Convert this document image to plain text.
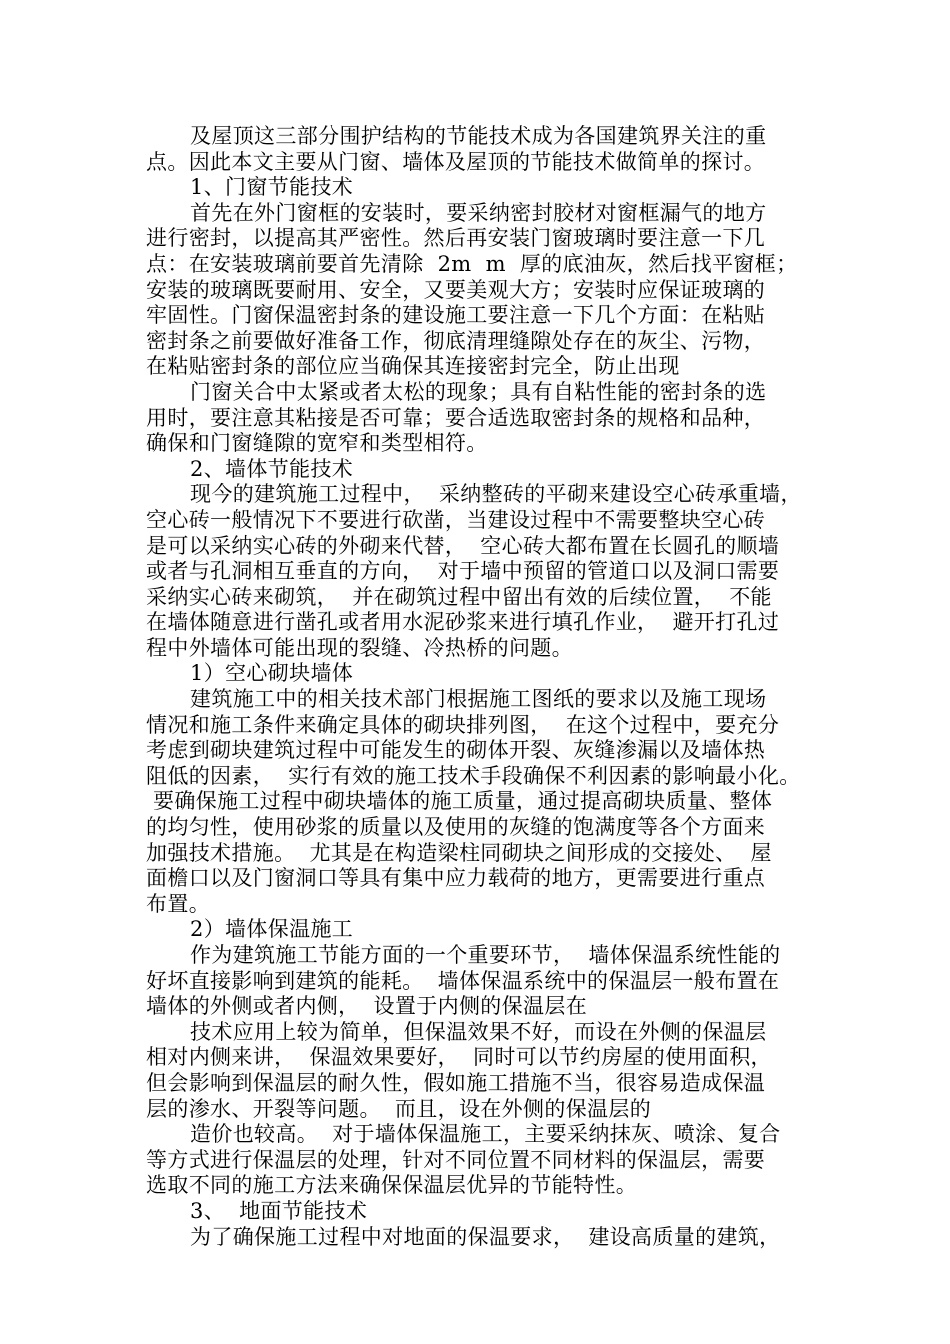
及屋顶这三部分围护结构的节能技术成为各国建筑界关注的重
点。因此本文主要从门窗、墙体及屋顶的节能技术做简单的探讨。
1、门窗节能技术
首先在外门窗框的安装时，要采纳密封胶材对窗框漏气的地方
进行密封，以提高其严密性。然后再安装门窗玻璃时要注意一下几
点：在安装玻璃前要首先清除  2m  m  厚的底油灰，然后找平窗框；
安装的玻璃既要耐用、安全，又要美观大方；安装时应保证玻璃的
牢固性。门窗保温密封条的建设施工要注意一下几个方面：在粘贴
密封条之前要做好准备工作，彻底清理缝隙处存在的灰尘、污物，
在粘贴密封条的部位应当确保其连接密封完全，防止出现
门窗关合中太紧或者太松的现象；具有自粘性能的密封条的选
用时，要注意其粘接是否可靠；要合适选取密封条的规格和品种，
确保和门窗缝隙的宽窄和类型相符。
2、墙体节能技术
现今的建筑施工过程中，  采纳整砖的平砌来建设空心砖承重墙，
空心砖一般情况下不要进行砍凿，当建设过程中不需要整块空心砖
是可以采纳实心砖的外砌来代替，  空心砖大都布置在长圆孔的顺墙
或者与孔洞相互垂直的方向，  对于墙中预留的管道口以及洞口需要
采纳实心砖来砌筑，  并在砌筑过程中留出有效的后续位置，  不能
在墙体随意进行凿孔或者用水泥砂浆来进行填孔作业，  避开打孔过
程中外墙体可能出现的裂缝、冷热桥的问题。
1）空心砌块墙体
建筑施工中的相关技术部门根据施工图纸的要求以及施工现场
情况和施工条件来确定具体的砌块排列图，  在这个过程中，要充分
考虑到砌块建筑过程中可能发生的砌体开裂、灰缝渗漏以及墙体热
阻低的因素，  实行有效的施工技术手段确保不利因素的影响最小化。
要确保施工过程中砌块墙体的施工质量，通过提高砌块质量、整体
的均匀性，使用砂浆的质量以及使用的灰缝的饱满度等各个方面来
加强技术措施。  尤其是在构造梁柱同砌块之间形成的交接处、  屋
面檐口以及门窗洞口等具有集中应力载荷的地方，更需要进行重点
布置。
2）墙体保温施工
作为建筑施工节能方面的一个重要环节，  墙体保温系统性能的
好坏直接影响到建筑的能耗。  墙体保温系统中的保温层一般布置在
墙体的外侧或者内侧，  设置于内侧的保温层在
技术应用上较为简单，但保温效果不好，而设在外侧的保温层
相对内侧来讲，  保温效果要好，  同时可以节约房屋的使用面积，
但会影响到保温层的耐久性，假如施工措施不当，很容易造成保温
层的渗水、开裂等问题。  而且，设在外侧的保温层的
造价也较高。  对于墙体保温施工，主要采纳抹灰、喷涂、复合
等方式进行保温层的处理，针对不同位置不同材料的保温层，需要
选取不同的施工方法来确保保温层优异的节能特性。
3、  地面节能技术
为了确保施工过程中对地面的保温要求，  建设高质量的建筑，
